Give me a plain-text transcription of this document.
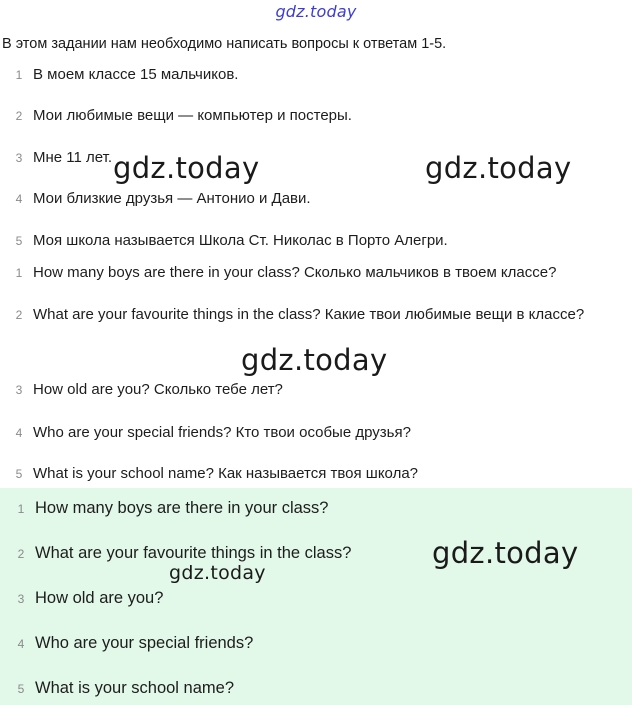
gdz.today
В этом задании нам необходимо написать вопросы к ответам 1-5.
1 В моем классе 15 мальчиков.
2 Мои любимые вещи — компьютер и постеры.
3 Мне 11 лет.
4 Мои близкие друзья — Антонио и Дави.
5 Моя школа называется Школа Ст. Николас в Порто Алегри.
1 How many boys are there in your class? Сколько мальчиков в твоем классе?
2 What are your favourite things in the class? Какие твои любимые вещи в классе?
3 How old are you? Сколько тебе лет?
4 Who are your special friends? Кто твои особые друзья?
5 What is your school name? Как называется твоя школа?
1 How many boys are there in your class?
2 What are your favourite things in the class?
3 How old are you?
4 Who are your special friends?
5 What is your school name?
gdz.today	gdz.today
gdz.today
gdz.today
gdz.today
